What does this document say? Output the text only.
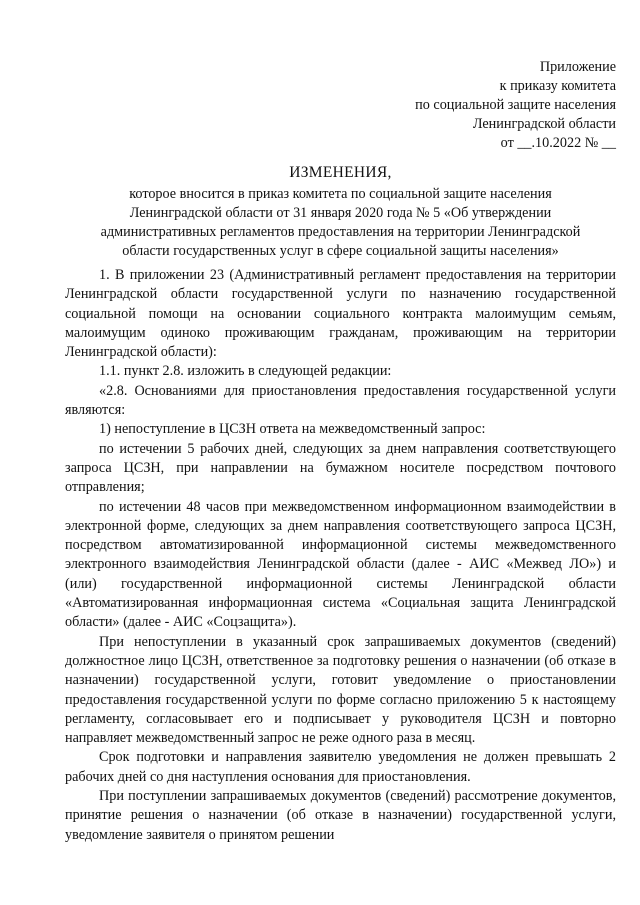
Приложение
к приказу комитета
по социальной защите населения
Ленинградской области
от __.10.2022 № __
ИЗМЕНЕНИЯ,
которое вносится в приказ комитета по социальной защите населения
Ленинградской области от 31 января 2020 года № 5 «Об утверждении
административных регламентов предоставления на территории Ленинградской
области государственных услуг в сфере социальной защиты населения»

1. В приложении 23 (Административный регламент предоставления на территории Ленинградской области государственной услуги по назначению государственной социальной помощи на основании социального контракта малоимущим семьям, малоимущим одиноко проживающим гражданам, проживающим на территории Ленинградской области):

1.1. пункт 2.8. изложить в следующей редакции:

«2.8. Основаниями для приостановления предоставления государственной услуги являются:

1) непоступление в ЦСЗН ответа на межведомственный запрос:

по истечении 5 рабочих дней, следующих за днем направления соответствующего запроса ЦСЗН, при направлении на бумажном носителе посредством почтового отправления;

по истечении 48 часов при межведомственном информационном взаимодействии в электронной форме, следующих за днем направления соответствующего запроса ЦСЗН, посредством автоматизированной информационной системы межведомственного электронного взаимодействия Ленинградской области (далее - АИС «Межвед ЛО») и (или) государственной информационной системы Ленинградской области «Автоматизированная информационная система «Социальная защита Ленинградской области» (далее - АИС «Соцзащита»).

При непоступлении в указанный срок запрашиваемых документов (сведений) должностное лицо ЦСЗН, ответственное за подготовку решения о назначении (об отказе в назначении) государственной услуги, готовит уведомление о приостановлении предоставления государственной услуги по форме согласно приложению 5 к настоящему регламенту, согласовывает его и подписывает у руководителя ЦСЗН и повторно направляет межведомственный запрос не реже одного раза в месяц.

Срок подготовки и направления заявителю уведомления не должен превышать 2 рабочих дней со дня наступления основания для приостановления.

При поступлении запрашиваемых документов (сведений) рассмотрение документов, принятие решения о назначении (об отказе в назначении) государственной услуги, уведомление заявителя о принятом решении
